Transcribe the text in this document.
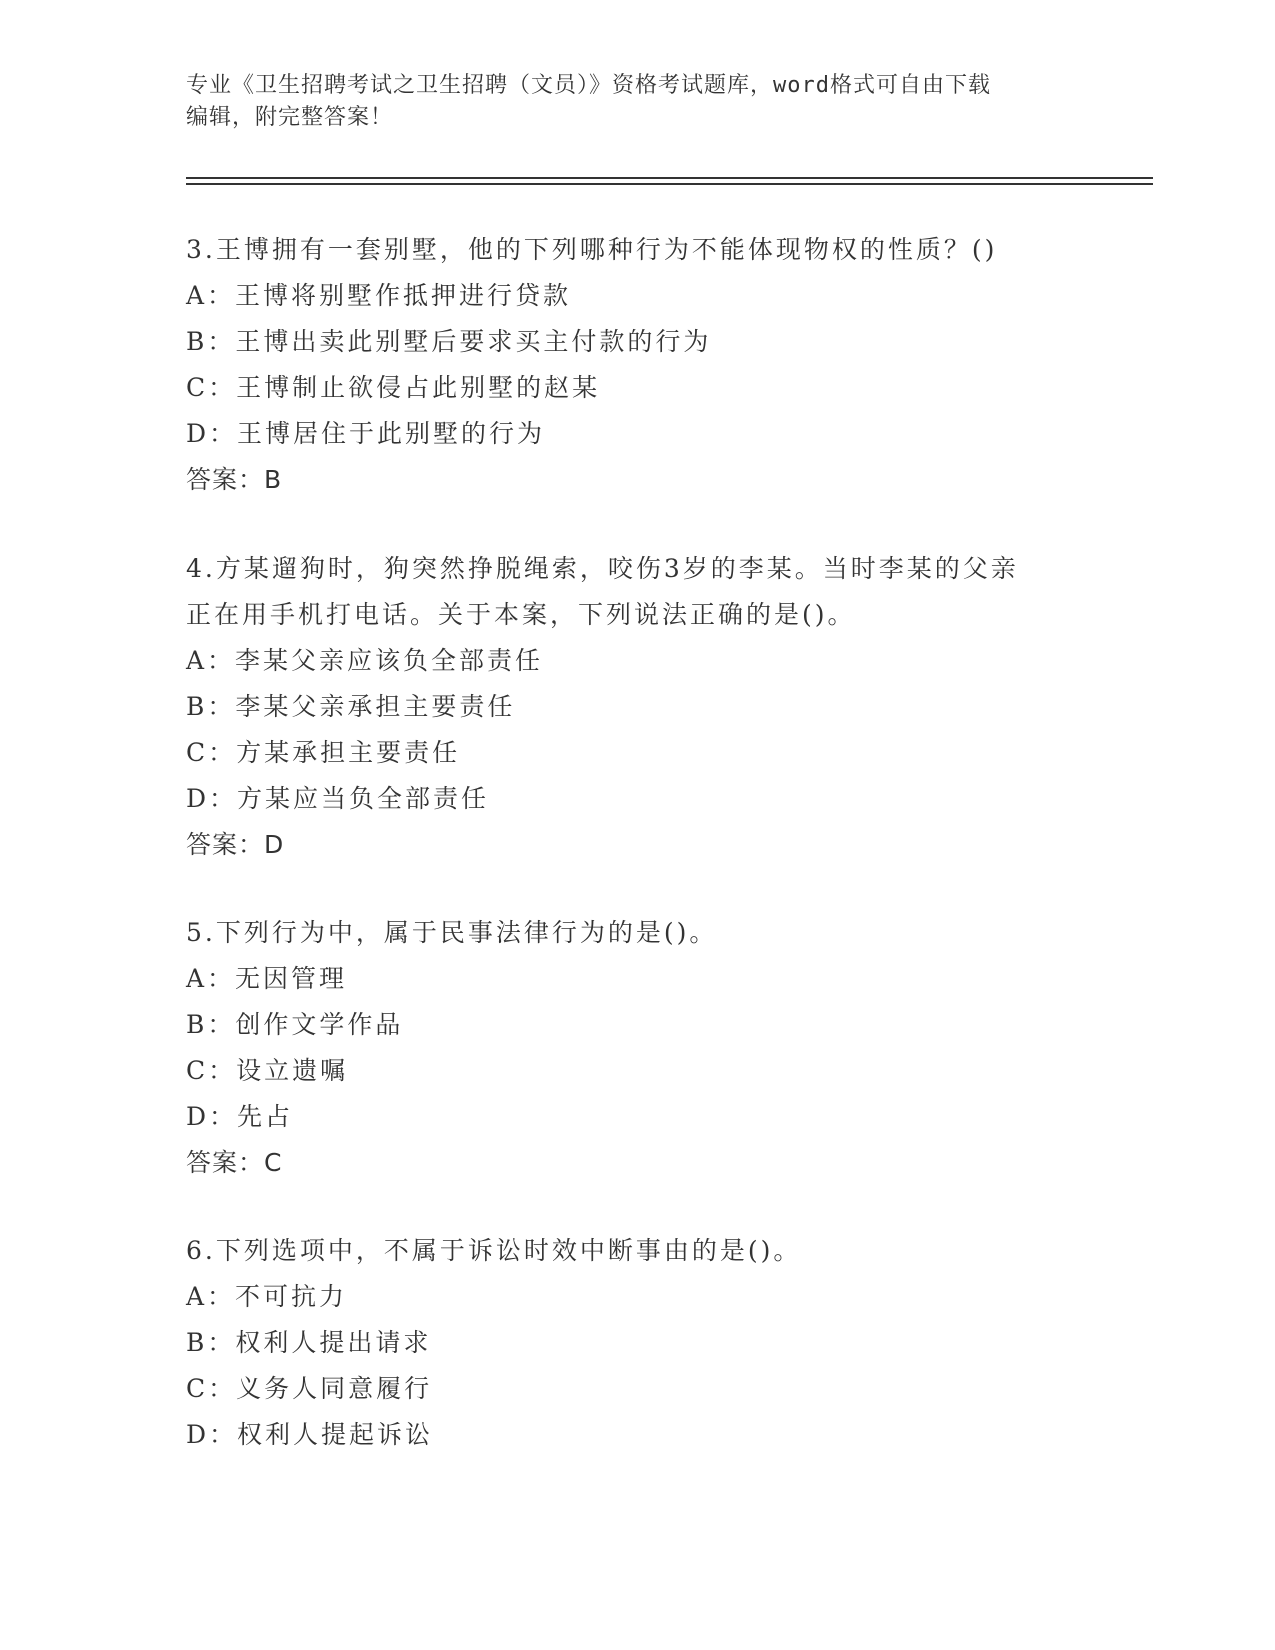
专业《卫生招聘考试之卫生招聘（文员）》资格考试题库，word格式可自由下载
编辑，附完整答案！
3.王博拥有一套别墅，他的下列哪种行为不能体现物权的性质？()
A：王博将别墅作抵押进行贷款
B：王博出卖此别墅后要求买主付款的行为
C：王博制止欲侵占此别墅的赵某
D：王博居住于此别墅的行为
答案：B
4.方某遛狗时，狗突然挣脱绳索，咬伤3岁的李某。当时李某的父亲
正在用手机打电话。关于本案，下列说法正确的是()。
A：李某父亲应该负全部责任
B：李某父亲承担主要责任
C：方某承担主要责任
D：方某应当负全部责任
答案：D
5.下列行为中，属于民事法律行为的是()。
A：无因管理
B：创作文学作品
C：设立遗嘱
D：先占
答案：C
6.下列选项中，不属于诉讼时效中断事由的是()。
A：不可抗力
B：权利人提出请求
C：义务人同意履行
D：权利人提起诉讼
